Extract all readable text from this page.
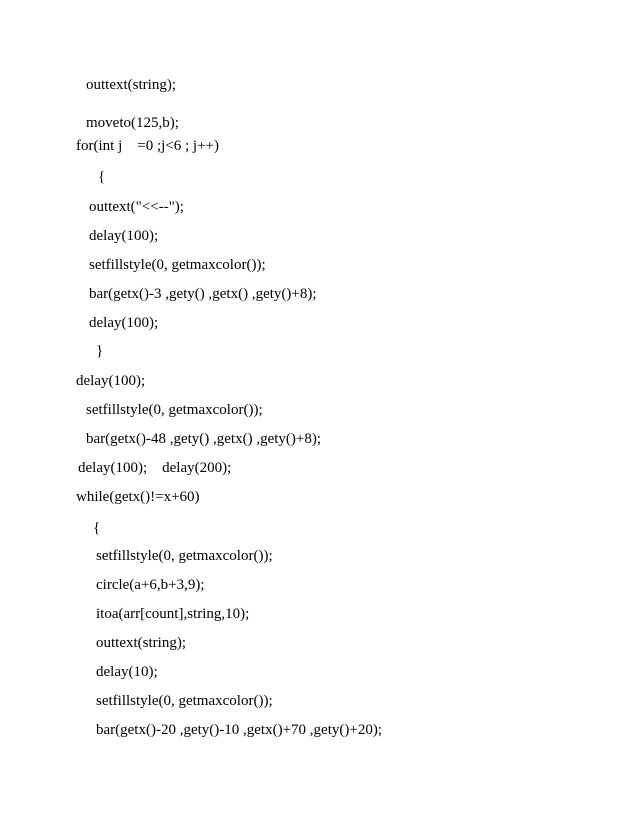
outtext(string);
moveto(125,b);
for(int j    =0 ;j<6 ; j++)
{
outtext("<<--");
delay(100);
setfillstyle(0, getmaxcolor());
bar(getx()-3 ,gety() ,getx() ,gety()+8);
delay(100);
}
delay(100);
setfillstyle(0, getmaxcolor());
bar(getx()-48 ,gety() ,getx() ,gety()+8);
delay(100);    delay(200);
while(getx()!=x+60)
{
setfillstyle(0, getmaxcolor());
circle(a+6,b+3,9);
itoa(arr[count],string,10);
outtext(string);
delay(10);
setfillstyle(0, getmaxcolor());
bar(getx()-20 ,gety()-10 ,getx()+70 ,gety()+20);
